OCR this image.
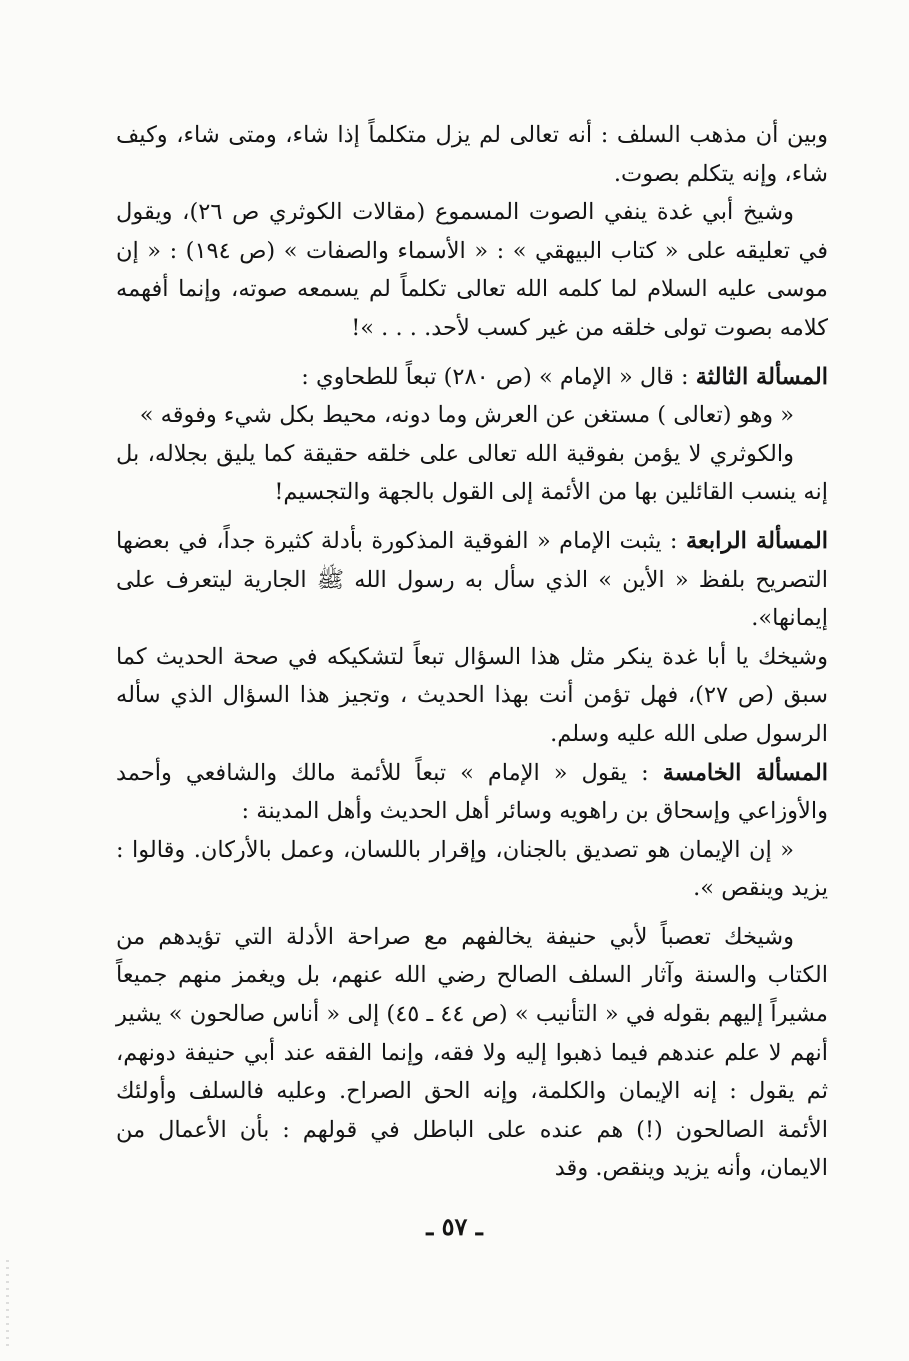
وبين أن مذهب السلف : أنه تعالى لم يزل متكلماً إذا شاء، ومتى شاء، وكيف شاء، وإنه يتكلم بصوت.

وشيخ أبي غدة ينفي الصوت المسموع (مقالات الكوثري ص ٢٦)، ويقول في تعليقه على « كتاب البيهقي » : « الأسماء والصفات » (ص ١٩٤) : « إن موسى عليه السلام لما كلمه الله تعالى تكلماً لم يسمعه صوته، وإنما أفهمه كلامه بصوت تولى خلقه من غير كسب لأحد. . . . »!

المسألة الثالثة : قال « الإمام » (ص ٢٨٠) تبعاً للطحاوي :

« وهو (تعالى ) مستغن عن العرش وما دونه، محيط بكل شيء وفوقه »

والكوثري لا يؤمن بفوقية الله تعالى على خلقه حقيقة كما يليق بجلاله، بل إنه ينسب القائلين بها من الأئمة إلى القول بالجهة والتجسيم!

المسألة الرابعة : يثبت الإمام « الفوقية المذكورة بأدلة كثيرة جداً، في بعضها التصريح بلفظ « الأين » الذي سأل به رسول الله ﷺ الجارية ليتعرف على إيمانها».

وشيخك يا أبا غدة ينكر مثل هذا السؤال تبعاً لتشكيكه في صحة الحديث كما سبق (ص ٢٧)، فهل تؤمن أنت بهذا الحديث ، وتجيز هذا السؤال الذي سأله الرسول صلى الله عليه وسلم.

المسألة الخامسة : يقول « الإمام » تبعاً للأئمة مالك والشافعي وأحمد والأوزاعي وإسحاق بن راهويه وسائر أهل الحديث وأهل المدينة :

« إن الإيمان هو تصديق بالجنان، وإقرار باللسان، وعمل بالأركان. وقالوا : يزيد وينقص ».

وشيخك تعصباً لأبي حنيفة يخالفهم مع صراحة الأدلة التي تؤيدهم من الكتاب والسنة وآثار السلف الصالح رضي الله عنهم، بل ويغمز منهم جميعاً مشيراً إليهم بقوله في « التأنيب » (ص ٤٤ ـ ٤٥) إلى « أناس صالحون » يشير أنهم لا علم عندهم فيما ذهبوا إليه ولا فقه، وإنما الفقه عند أبي حنيفة دونهم، ثم يقول : إنه الإيمان والكلمة، وإنه الحق الصراح. وعليه فالسلف وأولئك الأئمة الصالحون (!) هم عنده على الباطل في قولهم : بأن الأعمال من الايمان، وأنه يزيد وينقص. وقد

ـ ٥٧ ـ
